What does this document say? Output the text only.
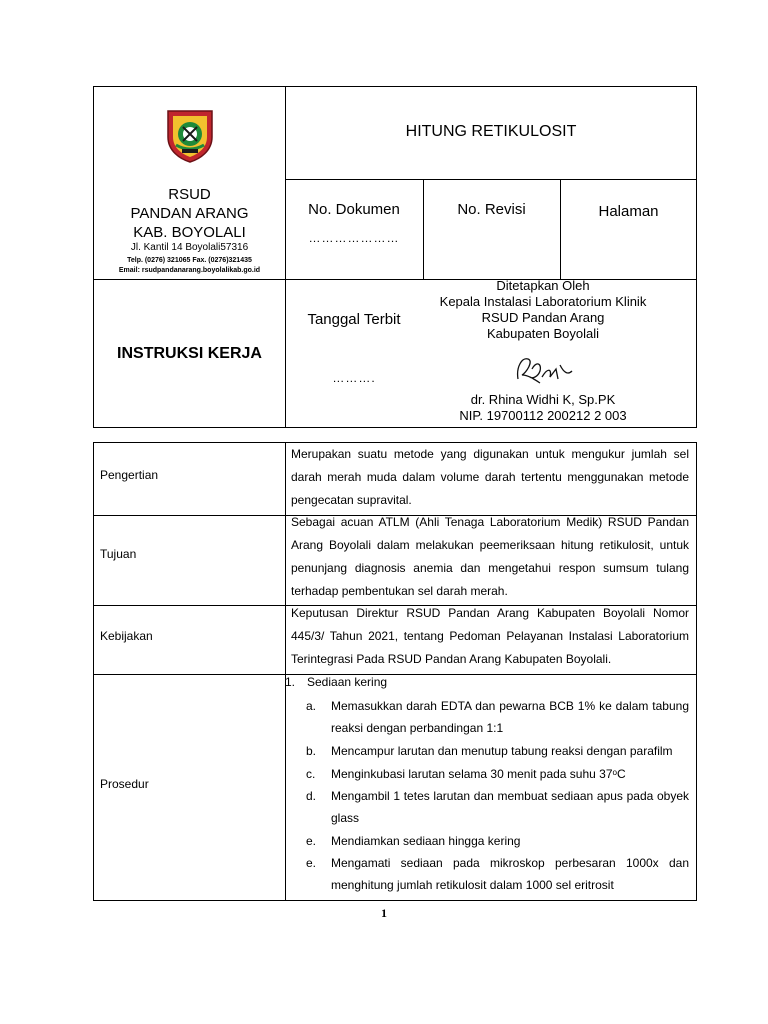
RSUD
PANDAN ARANG
KAB. BOYOLALI
Jl. Kantil 14 Boyolali57316
Telp. (0276) 321065 Fax. (0276)321435
Email: rsudpandanarang.boyolalikab.go.id
HITUNG RETIKULOSIT
No. Dokumen
…………………
No. Revisi	Halaman
INSTRUKSI KERJA
Tanggal Terbit
……….
Ditetapkan Oleh
Kepala Instalasi Laboratorium Klinik
RSUD Pandan Arang
Kabupaten Boyolali
dr. Rhina Widhi K, Sp.PK
NIP. 19700112 200212 2 003
Pengertian

Merupakan suatu metode yang digunakan untuk mengukur jumlah sel darah merah muda dalam volume darah tertentu menggunakan metode pengecatan supravital.

Tujuan

Sebagai acuan ATLM (Ahli Tenaga Laboratorium Medik) RSUD Pandan Arang Boyolali dalam melakukan peemeriksaan hitung retikulosit, untuk penunjang diagnosis anemia dan mengetahui respon sumsum tulang terhadap pembentukan sel darah merah.

Kebijakan

Keputusan Direktur RSUD Pandan Arang Kabupaten Boyolali Nomor 445/3/ Tahun 2021, tentang Pedoman Pelayanan Instalasi Laboratorium Terintegrasi Pada RSUD Pandan Arang Kabupaten Boyolali.

Prosedur
1. Sediaan kering
a. Memasukkan darah EDTA dan pewarna BCB 1% ke dalam tabung reaksi dengan perbandingan 1:1
b. Mencampur larutan dan menutup tabung reaksi dengan parafilm
c. Menginkubasi larutan selama 30 menit pada suhu 37ᵒC
d. Mengambil 1 tetes larutan dan membuat sediaan apus pada obyek glass
e. Mendiamkan sediaan hingga kering
e. Mengamati sediaan pada mikroskop perbesaran 1000x dan menghitung jumlah retikulosit dalam 1000 sel eritrosit
1
